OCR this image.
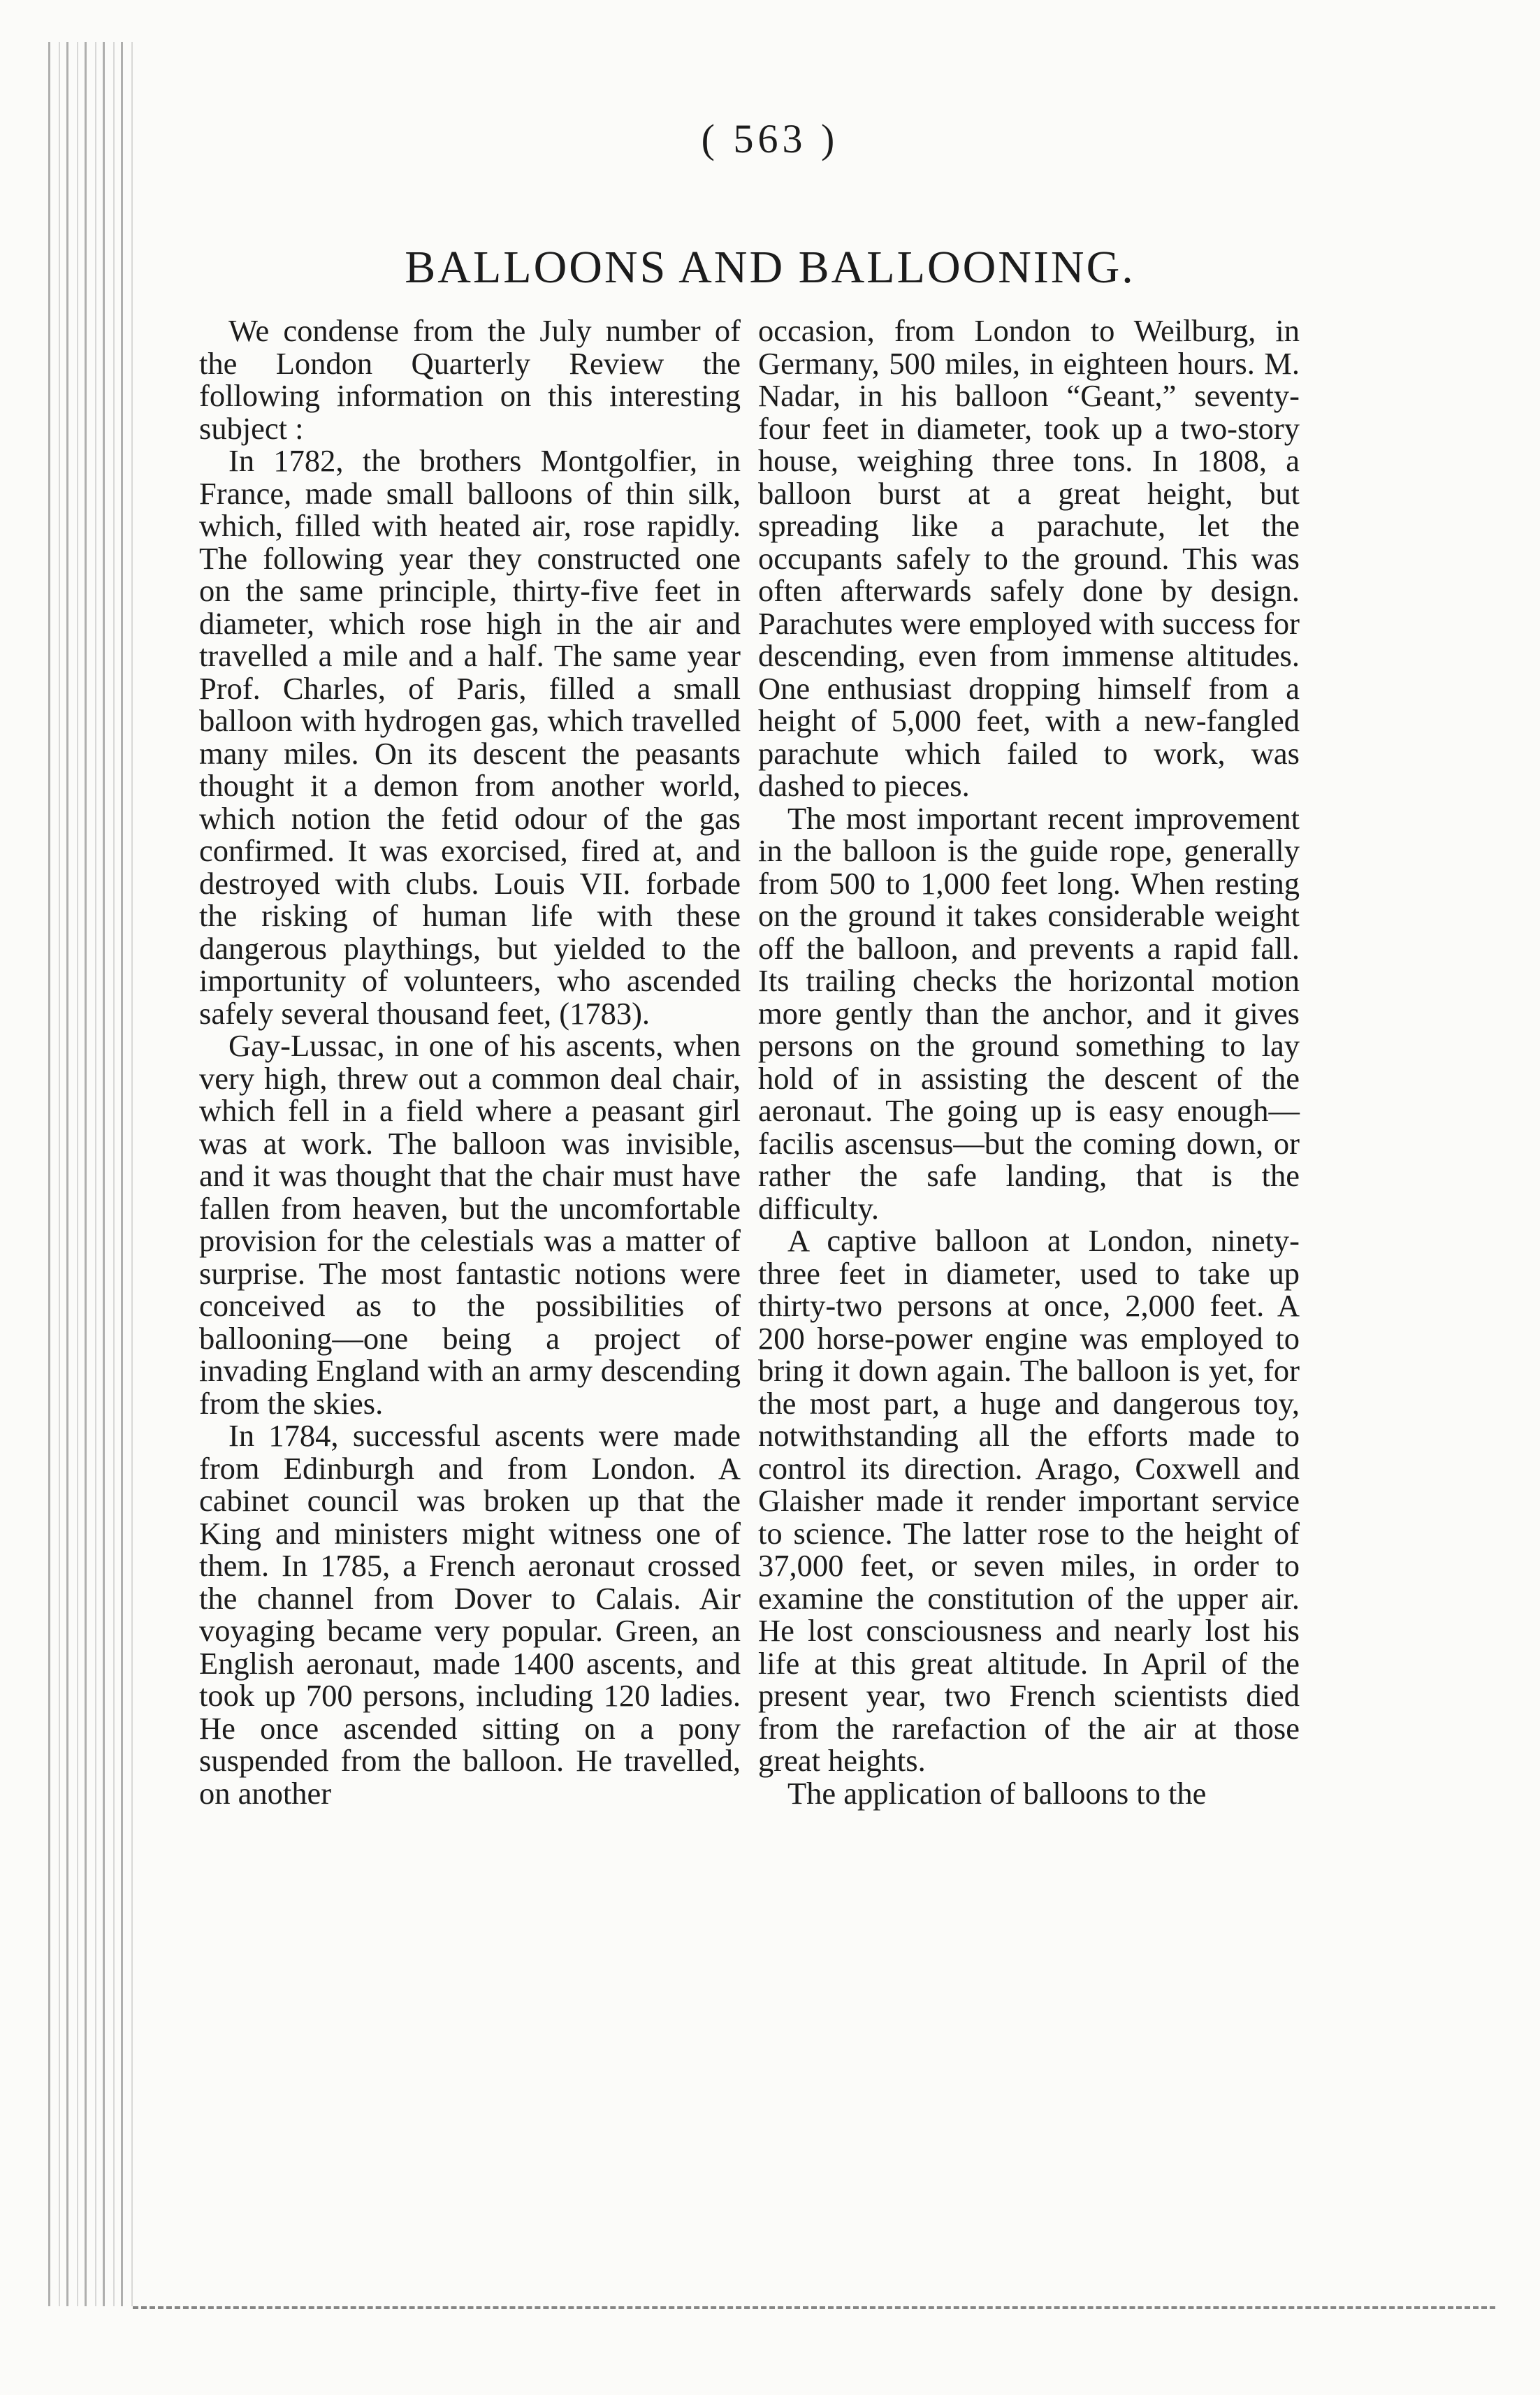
( 563 )
BALLOONS AND BALLOONING.

We condense from the July number of the London Quarterly Review the following information on this interesting subject :

In 1782, the brothers Montgolfier, in France, made small balloons of thin silk, which, filled with heated air, rose rapidly. The following year they constructed one on the same principle, thirty-five feet in diameter, which rose high in the air and travelled a mile and a half. The same year Prof. Charles, of Paris, filled a small balloon with hydrogen gas, which travelled many miles. On its descent the peasants thought it a demon from another world, which notion the fetid odour of the gas confirmed. It was exorcised, fired at, and destroyed with clubs. Louis VII. forbade the risking of human life with these dangerous playthings, but yielded to the importunity of volunteers, who ascended safely several thousand feet, (1783).

Gay-Lussac, in one of his ascents, when very high, threw out a common deal chair, which fell in a field where a peasant girl was at work. The balloon was invisible, and it was thought that the chair must have fallen from heaven, but the uncomfortable provision for the celestials was a matter of surprise. The most fantastic notions were conceived as to the possibilities of ballooning—one being a project of invading England with an army descending from the skies.

In 1784, successful ascents were made from Edinburgh and from London. A cabinet council was broken up that the King and ministers might witness one of them. In 1785, a French aeronaut crossed the channel from Dover to Calais. Air voyaging became very popular. Green, an English aeronaut, made 1400 ascents, and took up 700 persons, including 120 ladies. He once ascended sitting on a pony suspended from the balloon. He travelled, on another

occasion, from London to Weilburg, in Germany, 500 miles, in eighteen hours. M. Nadar, in his balloon “Geant,” seventy-four feet in diameter, took up a two-story house, weighing three tons. In 1808, a balloon burst at a great height, but spreading like a parachute, let the occupants safely to the ground. This was often afterwards safely done by design. Parachutes were employed with success for descending, even from immense altitudes. One enthusiast dropping himself from a height of 5,000 feet, with a new-fangled parachute which failed to work, was dashed to pieces.

The most important recent improvement in the balloon is the guide rope, generally from 500 to 1,000 feet long. When resting on the ground it takes considerable weight off the balloon, and prevents a rapid fall. Its trailing checks the horizontal motion more gently than the anchor, and it gives persons on the ground something to lay hold of in assisting the descent of the aeronaut. The going up is easy enough—facilis ascensus—but the coming down, or rather the safe landing, that is the difficulty.

A captive balloon at London, ninety-three feet in diameter, used to take up thirty-two persons at once, 2,000 feet. A 200 horse-power engine was employed to bring it down again. The balloon is yet, for the most part, a huge and dangerous toy, notwithstanding all the efforts made to control its direction. Arago, Coxwell and Glaisher made it render important service to science. The latter rose to the height of 37,000 feet, or seven miles, in order to examine the constitution of the upper air. He lost consciousness and nearly lost his life at this great altitude. In April of the present year, two French scientists died from the rarefaction of the air at those great heights.

The application of balloons to the
